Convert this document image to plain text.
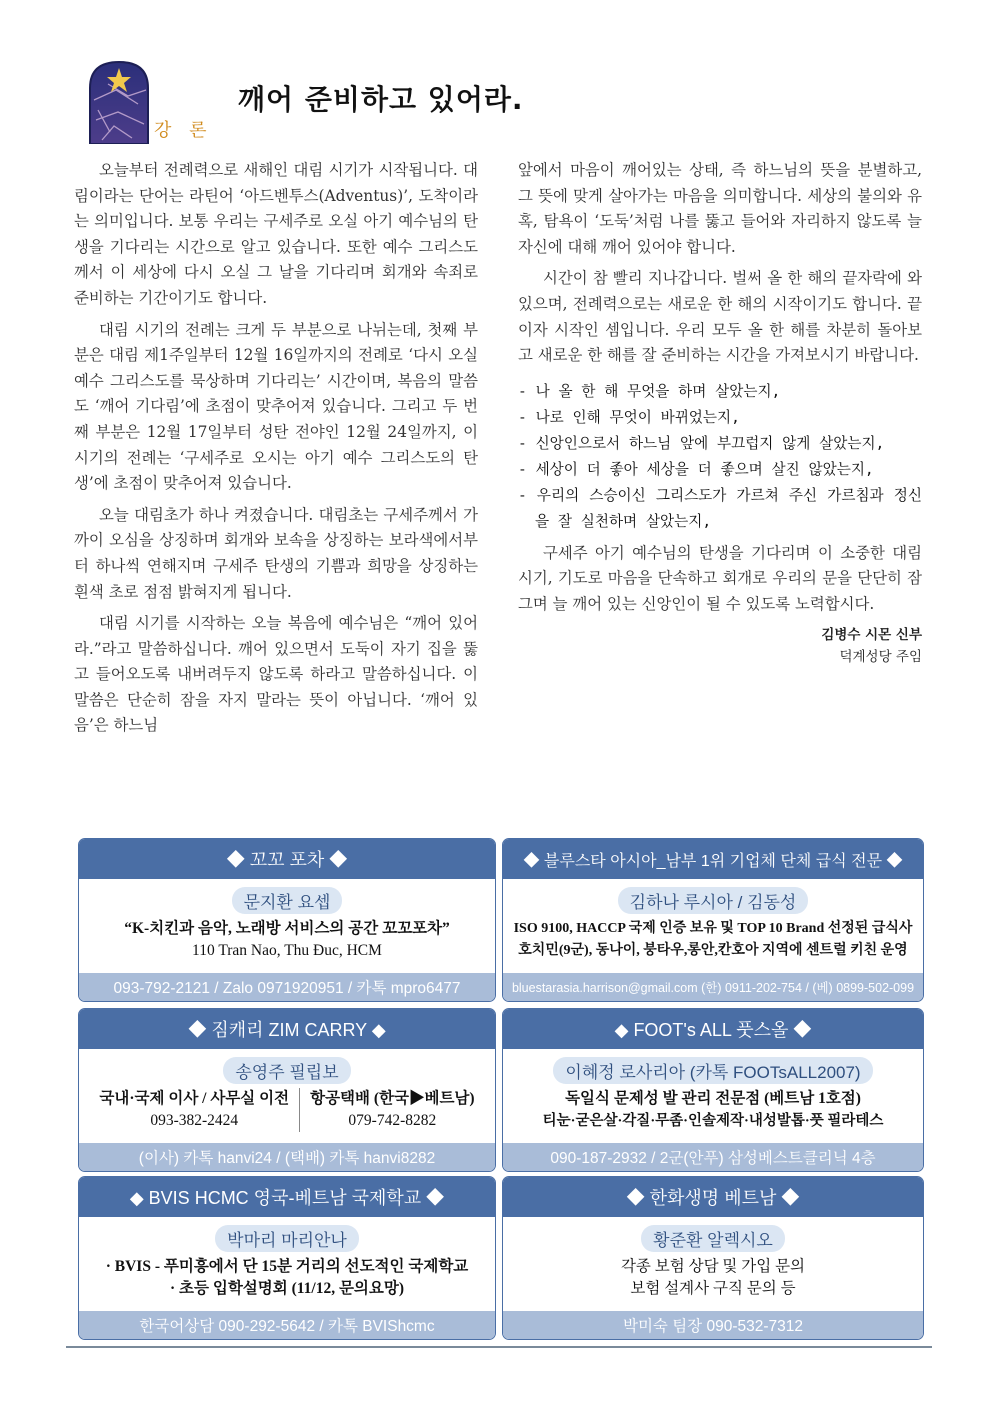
강 론
깨어 준비하고 있어라.

오늘부터 전례력으로 새해인 대림 시기가 시작됩니다. 대림이라는 단어는 라틴어 ‘아드벤투스(Adventus)’, 도착이라는 의미입니다. 보통 우리는 구세주로 오실 아기 예수님의 탄생을 기다리는 시간으로 알고 있습니다. 또한 예수 그리스도께서 이 세상에 다시 오실 그 날을 기다리며 회개와 속죄로 준비하는 기간이기도 합니다.

대림 시기의 전례는 크게 두 부분으로 나뉘는데, 첫째 부분은 대림 제1주일부터 12월 16일까지의 전례로 ‘다시 오실 예수 그리스도를 묵상하며 기다리는’ 시간이며, 복음의 말씀도 ‘깨어 기다림’에 초점이 맞추어져 있습니다. 그리고 두 번째 부분은 12월 17일부터 성탄 전야인 12월 24일까지, 이 시기의 전례는 ‘구세주로 오시는 아기 예수 그리스도의 탄생’에 초점이 맞추어져 있습니다.

오늘 대림초가 하나 켜졌습니다. 대림초는 구세주께서 가까이 오심을 상징하며 회개와 보속을 상징하는 보라색에서부터 하나씩 연해지며 구세주 탄생의 기쁨과 희망을 상징하는 흰색 초로 점점 밝혀지게 됩니다.

대림 시기를 시작하는 오늘 복음에 예수님은 “깨어 있어라.”라고 말씀하십니다. 깨어 있으면서 도둑이 자기 집을 뚫고 들어오도록 내버려두지 않도록 하라고 말씀하십니다. 이 말씀은 단순히 잠을 자지 말라는 뜻이 아닙니다. ‘깨어 있음’은 하느님

앞에서 마음이 깨어있는 상태, 즉 하느님의 뜻을 분별하고, 그 뜻에 맞게 살아가는 마음을 의미합니다. 세상의 불의와 유혹, 탐욕이 ‘도둑’처럼 나를 뚫고 들어와 자리하지 않도록 늘 자신에 대해 깨어 있어야 합니다.

시간이 참 빨리 지나갑니다. 벌써 올 한 해의 끝자락에 와 있으며, 전례력으로는 새로운 한 해의 시작이기도 합니다. 끝이자 시작인 셈입니다. 우리 모두 올 한 해를 차분히 돌아보고 새로운 한 해를 잘 준비하는 시간을 가져보시기 바랍니다.

- 나 올 한 해 무엇을 하며 살았는지,
- 나로 인해 무엇이 바뀌었는지,
- 신앙인으로서 하느님 앞에 부끄럽지 않게 살았는지,
- 세상이 더 좋아 세상을 더 좋으며 살진 않았는지,
- 우리의 스승이신 그리스도가 가르쳐 주신 가르침과 정신을 잘 실천하며 살았는지,

구세주 아기 예수님의 탄생을 기다리며 이 소중한 대림 시기, 기도로 마음을 단속하고 회개로 우리의 문을 단단히 잠그며 늘 깨어 있는 신앙인이 될 수 있도록 노력합시다.

김병수 시몬 신부
덕계성당 주임
◆ 꼬꼬 포차 ◆
문지환 요셉
“K-치킨과 음악, 노래방 서비스의 공간 꼬꼬포차”
110 Tran Nao, Thu Đuc, HCM
093-792-2121 / Zalo 0971920951 / 카톡 mpro6477
◆ 블루스타 아시아_남부 1위 기업체 단체 급식 전문 ◆
김하나 루시아 / 김동성
ISO 9100, HACCP 국제 인증 보유 및 TOP 10 Brand 선정된 급식사
호치민(9군), 동나이, 붕타우,롱안,칸호아 지역에 센트럴 키친 운영
bluestarasia.harrison@gmail.com (한) 0911-202-754 / (베) 0899-502-099
◆ 짐캐리 ZIM CARRY ◆
송영주 필립보
국내·국제 이사 / 사무실 이전
093-382-2424
항공택배 (한국▶베트남)
079-742-8282
(이사) 카톡 hanvi24 / (택배) 카톡 hanvi8282
◆ FOOT's ALL 풋스올 ◆
이혜정 로사리아 (카톡 FOOTsALL2007)
독일식 문제성 발 관리 전문점 (베트남 1호점)
티눈·굳은살·각질·무좀·인솔제작·내성발톱·풋 필라테스
090-187-2932 / 2군(안푸) 삼성베스트클리닉 4층
◆ BVIS HCMC 영국-베트남 국제학교 ◆
박마리 마리안나
· BVIS - 푸미흥에서 단 15분 거리의 선도적인 국제학교
· 초등 입학설명회 (11/12, 문의요망)
한국어상담 090-292-5642 / 카톡 BVIShcmc
◆ 한화생명 베트남 ◆
황준환 알렉시오
각종 보험 상담 및 가입 문의
보험 설계사 구직 문의 등
박미숙 팀장 090-532-7312
